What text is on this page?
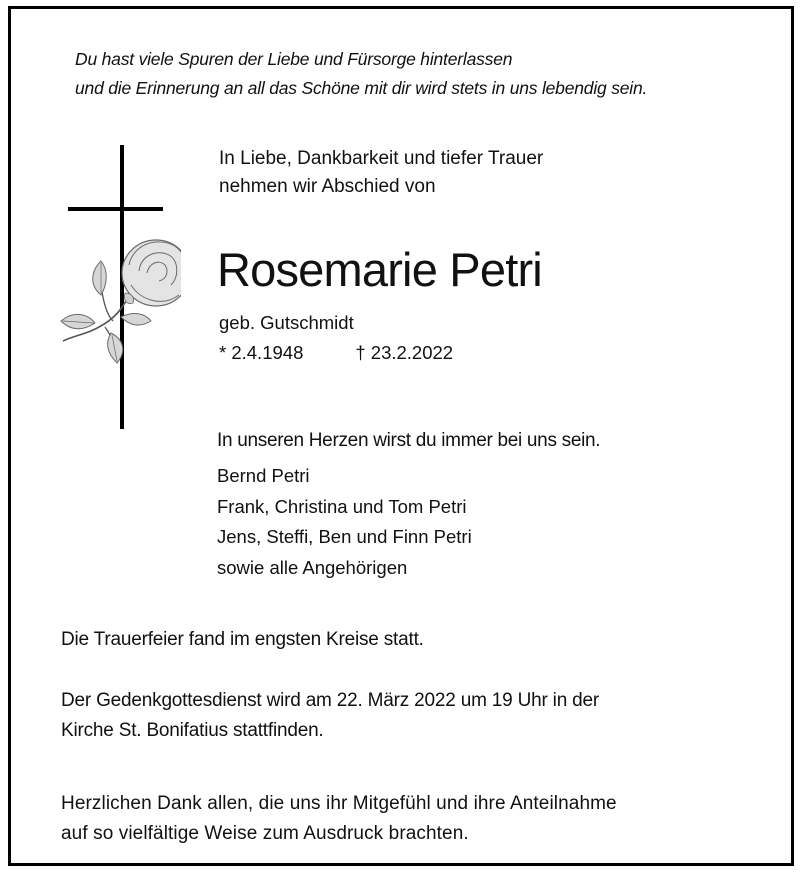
Du hast viele Spuren der Liebe und Fürsorge hinterlassen
und die Erinnerung an all das Schöne mit dir wird stets in uns lebendig sein.
In Liebe, Dankbarkeit und tiefer Trauer
nehmen wir Abschied von
Rosemarie Petri
geb. Gutschmidt
* 2.4.1948	† 23.2.2022
In unseren Herzen wirst du immer bei uns sein.
Bernd Petri
Frank, Christina und Tom Petri
Jens, Steffi, Ben und Finn Petri
sowie alle Angehörigen
Die Trauerfeier fand im engsten Kreise statt.
Der Gedenkgottesdienst wird am 22. März 2022 um 19 Uhr in der
Kirche St. Bonifatius stattfinden.
Herzlichen Dank allen, die uns ihr Mitgefühl und ihre Anteilnahme
auf so vielfältige Weise zum Ausdruck brachten.
